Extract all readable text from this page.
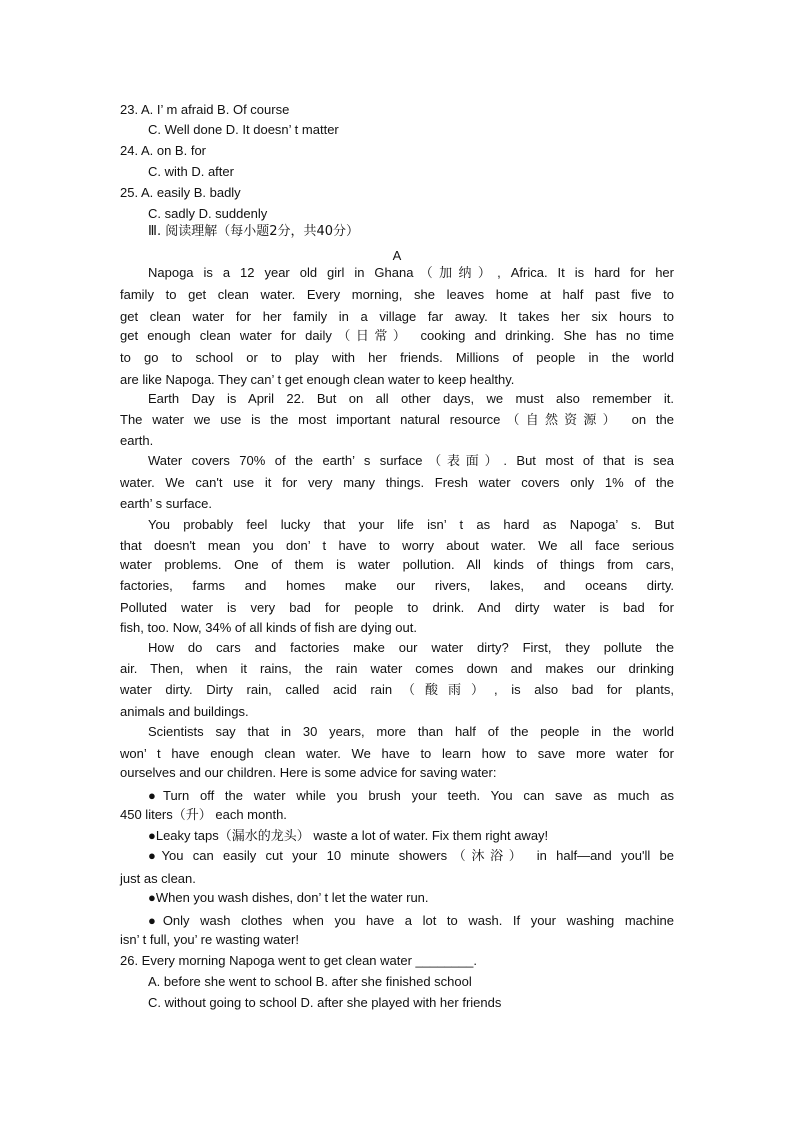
23. A. I’ m afraid B. Of course
C. Well done D. It doesn’ t matter
24. A. on B. for
C. with D. after
25. A. easily B. badly
C. sadly D. suddenly
Ⅲ. 阅读理解（每小题2分，共40分）
A
Napoga is a 12 year old girl in Ghana（加纳）, Africa. It is hard for her
family to get clean water. Every morning, she leaves home at half past five to
get clean water for her family in a village far away. It takes her six hours to
get enough clean water for daily（日常） cooking and drinking. She has no time
to go to school or to play with her friends. Millions of people in the world
are like Napoga. They can’ t get enough clean water to keep healthy.
Earth Day is April 22. But on all other days, we must also remember it.
The water we use is the most important natural resource（自然资源） on the
earth.
Water covers 70% of the earth’ s surface（表面）. But most of that is sea
water. We can't use it for very many things. Fresh water covers only 1% of the
earth’ s surface.
You probably feel lucky that your life isn’ t as hard as Napoga’ s. But
that doesn't mean you don’ t have to worry about water. We all face serious
water problems. One of them is water pollution. All kinds of things from cars,
factories, farms and homes make our rivers, lakes, and oceans dirty.
Polluted water is very bad for people to drink. And dirty water is bad for
fish, too. Now, 34% of all kinds of fish are dying out.
How do cars and factories make our water dirty? First, they pollute the
air. Then, when it rains, the rain water comes down and makes our drinking
water dirty. Dirty rain, called acid rain（酸雨）, is also bad for plants,
animals and buildings.
Scientists say that in 30 years, more than half of the people in the world
won’ t have enough clean water. We have to learn how to save more water for
ourselves and our children. Here is some advice for saving water:
●Turn off the water while you brush your teeth. You can save as much as
450 liters（升） each month.
●Leaky taps（漏水的龙头） waste a lot of water. Fix them right away!
●You can easily cut your 10 minute showers（沐浴） in half—and you'll be
just as clean.
●When you wash dishes, don’ t let the water run.
●Only wash clothes when you have a lot to wash. If your washing machine
isn’ t full, you’ re wasting water!
26. Every morning Napoga went to get clean water ________.
A. before she went to school B. after she finished school
C. without going to school D. after she played with her friends
